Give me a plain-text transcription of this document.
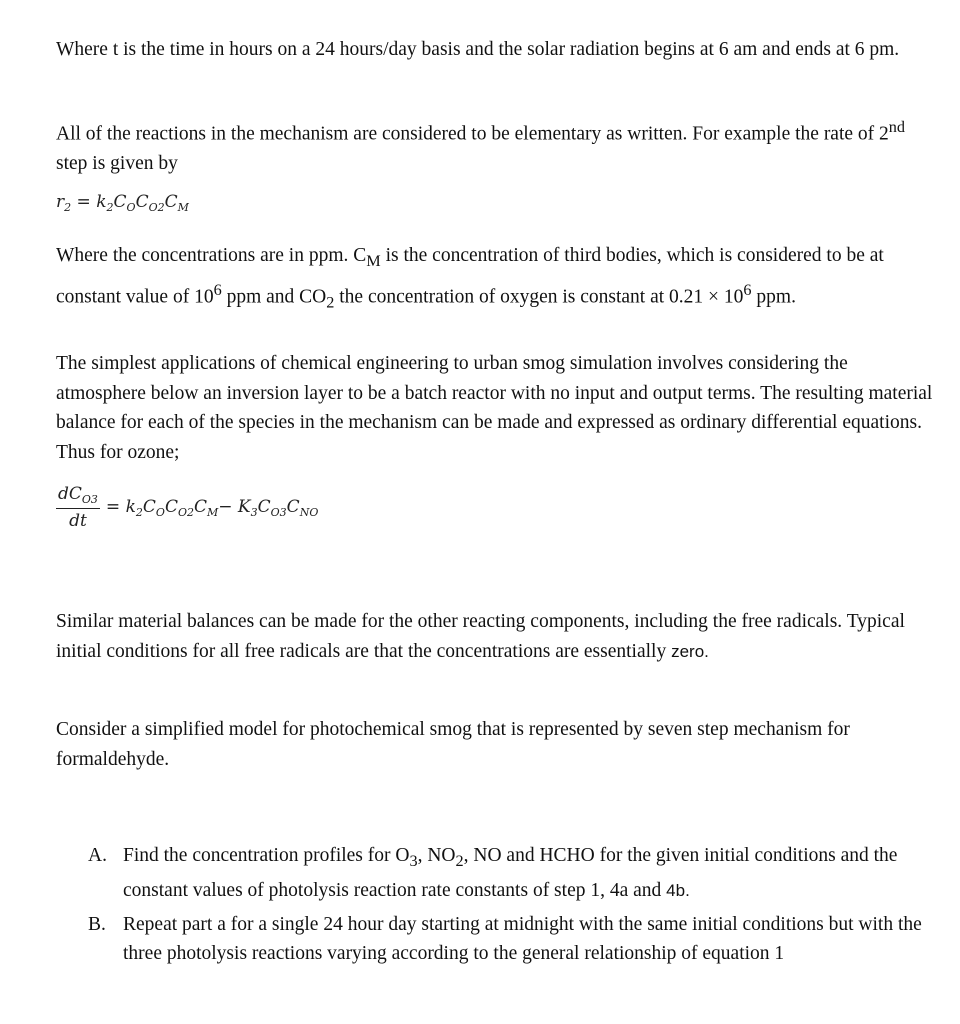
Where t is the time in hours on a 24 hours/day basis and the solar radiation begins at 6 am and ends at 6 pm.

All of the reactions in the mechanism are considered to be elementary as written. For example the rate of 2nd step is given by

$r_2 = k_2C_OC_{O2}C_M$

Where the concentrations are in ppm. $C_M$ is the concentration of third bodies, which is considered to be at constant value of $10^6$ ppm and $CO_2$ the concentration of oxygen is constant at $0.21 \times 10^6$ ppm.

The simplest applications of chemical engineering to urban smog simulation involves considering the atmosphere below an inversion layer to be a batch reactor with no input and output terms. The resulting material balance for each of the species in the mechanism can be made and expressed as ordinary differential equations. Thus for ozone;

$\frac{dC_{O3}}{dt} = k_2C_OC_{O2}C_M- K_3C_{O3}C_{NO}$

Similar material balances can be made for the other reacting components, including the free radicals. Typical initial conditions for all free radicals are that the concentrations are essentially zero.

Consider a simplified model for photochemical smog that is represented by seven step mechanism for formaldehyde.

A. Find the concentration profiles for $O_3$, $NO_2$, NO and HCHO for the given initial conditions and the constant values of photolysis reaction rate constants of step 1, 4a and 4b.
B. Repeat part a for a single 24 hour day starting at midnight with the same initial conditions but with the three photolysis reactions varying according to the general relationship of equation 1
